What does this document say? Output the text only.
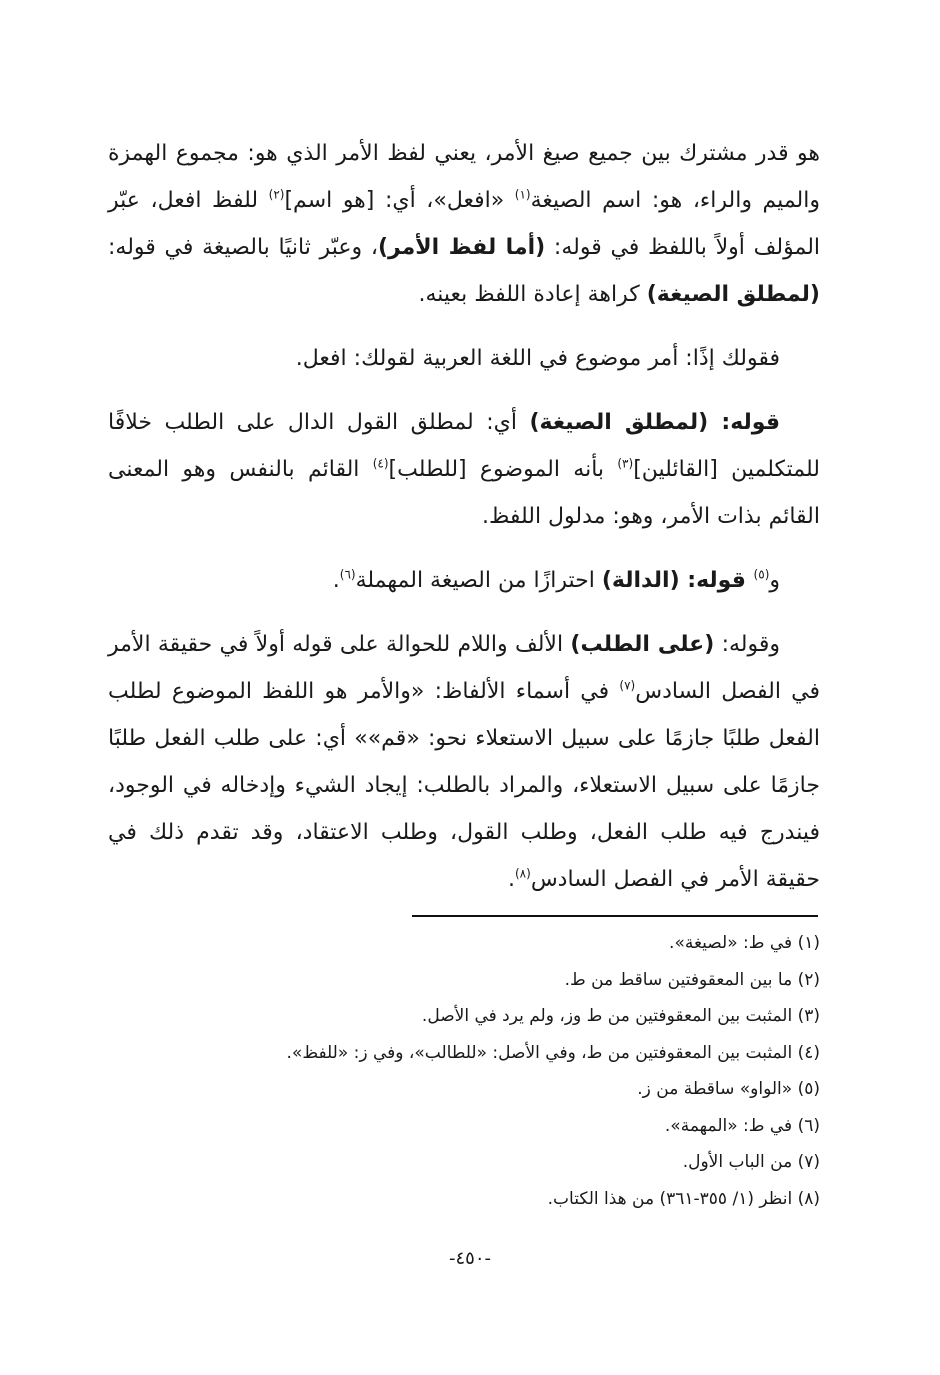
هو قدر مشترك بين جميع صيغ الأمر، يعني لفظ الأمر الذي هو: مجموع الهمزة والميم والراء، هو: اسم الصيغة$^{(١)}$ «افعل»، أي: [هو اسم]$^{(٢)}$ للفظ افعل، عبّر المؤلف أولاً باللفظ في قوله: (أما لفظ الأمر)، وعبّر ثانيًا بالصيغة في قوله: (لمطلق الصيغة) كراهة إعادة اللفظ بعينه.

فقولك إذًا: أمر موضوع في اللغة العربية لقولك: افعل.

قوله: (لمطلق الصيغة) أي: لمطلق القول الدال على الطلب خلافًا للمتكلمين [القائلين]$^{(٣)}$ بأنه الموضوع [للطلب]$^{(٤)}$ القائم بالنفس وهو المعنى القائم بذات الأمر، وهو: مدلول اللفظ.

و$^{(٥)}$ قوله: (الدالة) احترازًا من الصيغة المهملة$^{(٦)}$.

وقوله: (على الطلب) الألف واللام للحوالة على قوله أولاً في حقيقة الأمر في الفصل السادس$^{(٧)}$ في أسماء الألفاظ: «والأمر هو اللفظ الموضوع لطلب الفعل طلبًا جازمًا على سبيل الاستعلاء نحو: «قم»» أي: على طلب الفعل طلبًا جازمًا على سبيل الاستعلاء، والمراد بالطلب: إيجاد الشيء وإدخاله في الوجود، فيندرج فيه طلب الفعل، وطلب القول، وطلب الاعتقاد، وقد تقدم ذلك في حقيقة الأمر في الفصل السادس$^{(٨)}$.

(١) في ط: «لصيغة».
(٢) ما بين المعقوفتين ساقط من ط.
(٣) المثبت بين المعقوفتين من ط وز، ولم يرد في الأصل.
(٤) المثبت بين المعقوفتين من ط، وفي الأصل: «للطالب»، وفي ز: «للفظ».
(٥) «الواو» ساقطة من ز.
(٦) في ط: «المهمة».
(٧) من الباب الأول.
(٨) انظر (١/ ٣٥٥-٣٦١) من هذا الكتاب.
-٤٥٠-
